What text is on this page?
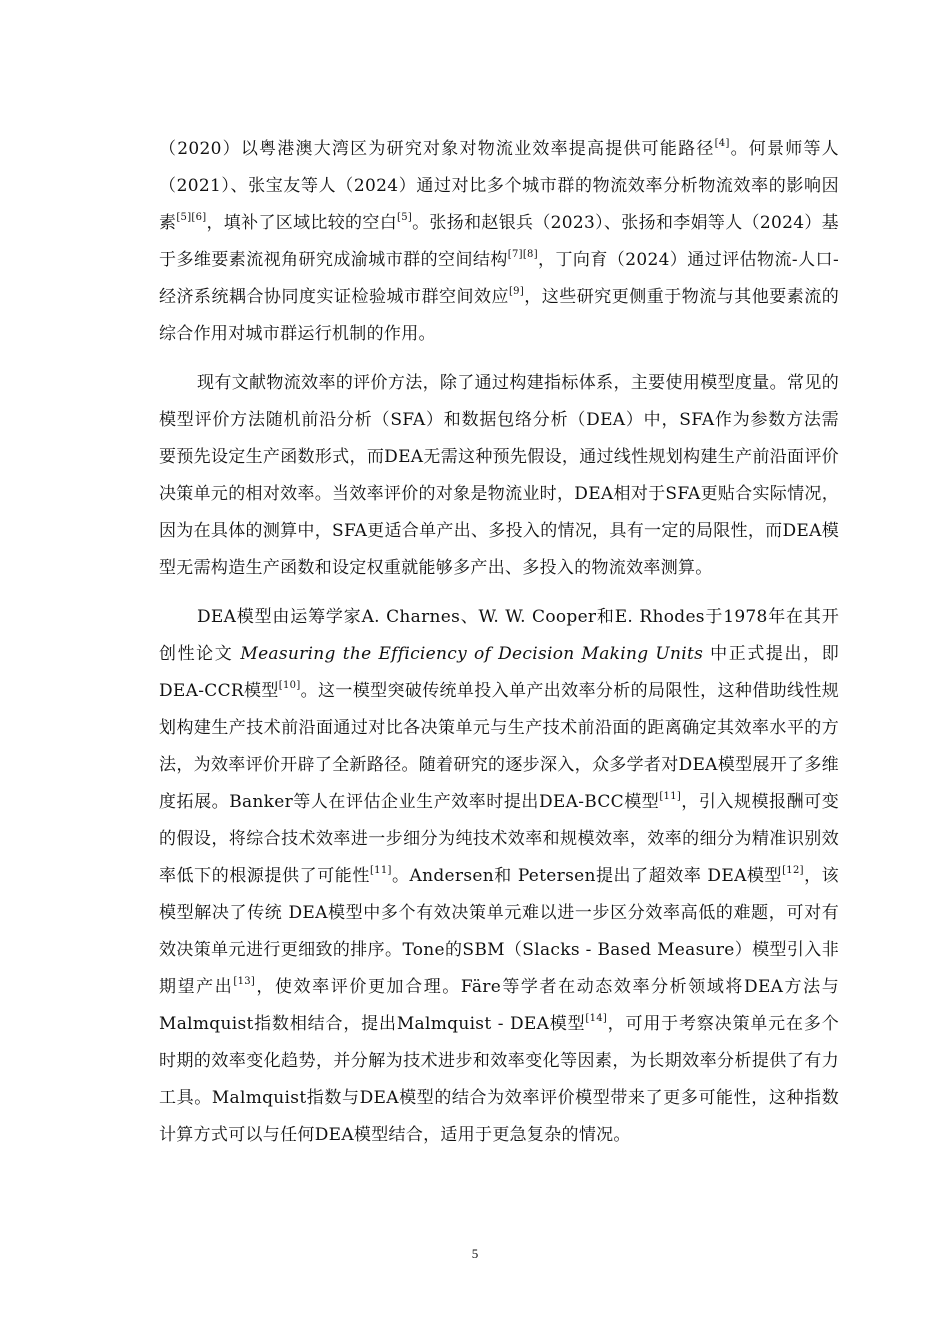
（2020）以粤港澳大湾区为研究对象对物流业效率提高提供可能路径[4]。何景师等人（2021）、张宝友等人（2024）通过对比多个城市群的物流效率分析物流效率的影响因素[5][6]，填补了区域比较的空白[5]。张扬和赵银兵（2023）、张扬和李娟等人（2024）基于多维要素流视角研究成渝城市群的空间结构[7][8]，丁向育（2024）通过评估物流-人口-经济系统耦合协同度实证检验城市群空间效应[9]，这些研究更侧重于物流与其他要素流的综合作用对城市群运行机制的作用。

现有文献物流效率的评价方法，除了通过构建指标体系，主要使用模型度量。常见的模型评价方法随机前沿分析（SFA）和数据包络分析（DEA）中，SFA作为参数方法需要预先设定生产函数形式，而DEA无需这种预先假设，通过线性规划构建生产前沿面评价决策单元的相对效率。当效率评价的对象是物流业时，DEA相对于SFA更贴合实际情况，因为在具体的测算中，SFA更适合单产出、多投入的情况，具有一定的局限性，而DEA模型无需构造生产函数和设定权重就能够多产出、多投入的物流效率测算。

DEA模型由运筹学家A. Charnes、W. W. Cooper和E. Rhodes于1978年在其开创性论文 Measuring the Efficiency of Decision Making Units 中正式提出，即DEA-CCR模型[10]。这一模型突破传统单投入单产出效率分析的局限性，这种借助线性规划构建生产技术前沿面通过对比各决策单元与生产技术前沿面的距离确定其效率水平的方法，为效率评价开辟了全新路径。随着研究的逐步深入，众多学者对DEA模型展开了多维度拓展。Banker等人在评估企业生产效率时提出DEA-BCC模型[11]，引入规模报酬可变的假设，将综合技术效率进一步细分为纯技术效率和规模效率，效率的细分为精准识别效率低下的根源提供了可能性[11]。Andersen和 Petersen提出了超效率 DEA模型[12]，该模型解决了传统 DEA模型中多个有效决策单元难以进一步区分效率高低的难题，可对有效决策单元进行更细致的排序。Tone的SBM（Slacks - Based Measure）模型引入非期望产出[13]，使效率评价更加合理。Färe等学者在动态效率分析领域将DEA方法与 Malmquist指数相结合，提出Malmquist - DEA模型[14]，可用于考察决策单元在多个时期的效率变化趋势，并分解为技术进步和效率变化等因素，为长期效率分析提供了有力工具。Malmquist指数与DEA模型的结合为效率评价模型带来了更多可能性，这种指数计算方式可以与任何DEA模型结合，适用于更急复杂的情况。

5
